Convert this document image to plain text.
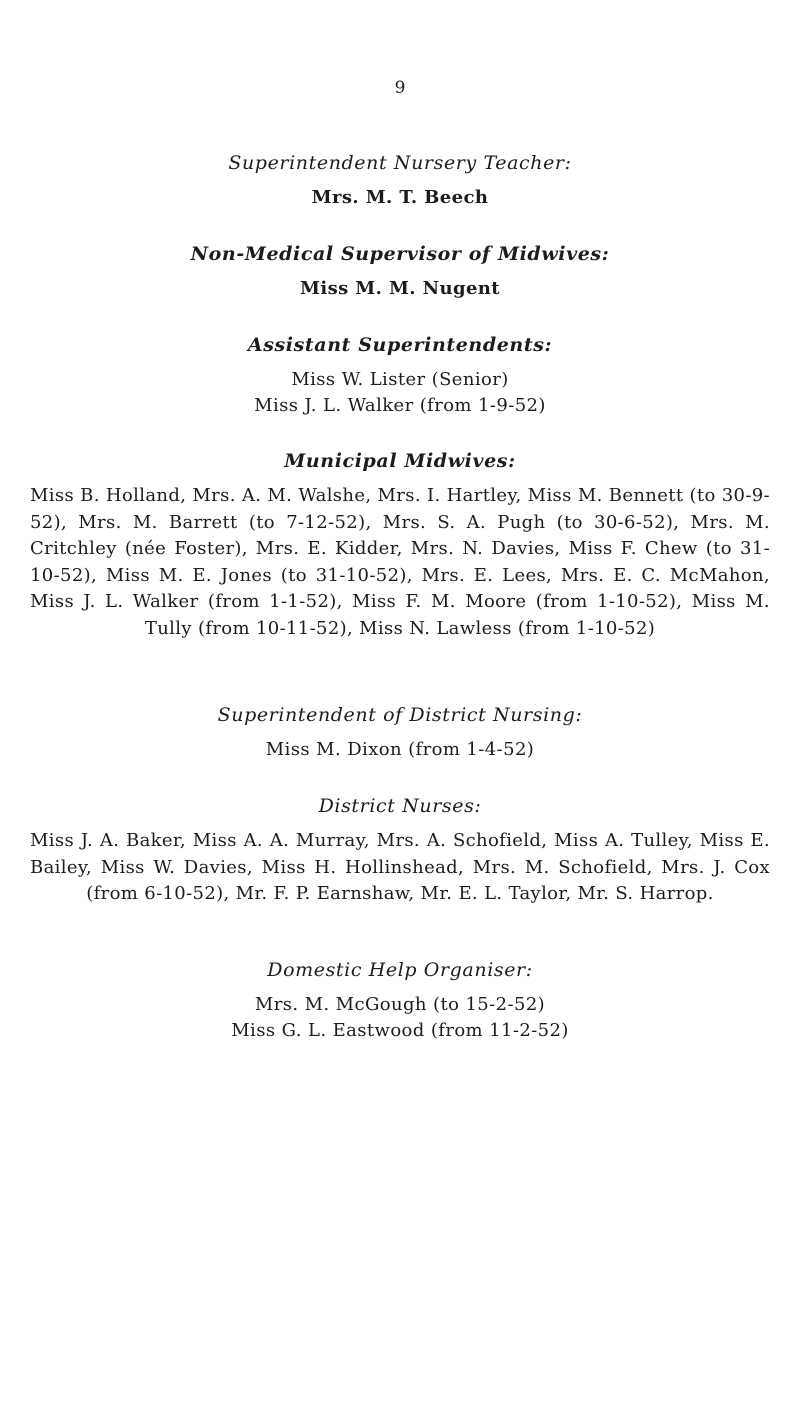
9
Superintendent Nursery Teacher:
Mrs. M. T. Beech
Non-Medical Supervisor of Midwives:
Miss M. M. Nugent
Assistant Superintendents:
Miss W. Lister (Senior)
Miss J. L. Walker (from 1-9-52)
Municipal Midwives:
Miss B. Holland, Mrs. A. M. Walshe, Mrs. I. Hartley, Miss M. Bennett (to 30-9-52), Mrs. M. Barrett (to 7-12-52), Mrs. S. A. Pugh (to 30-6-52), Mrs. M. Critchley (née Foster), Mrs. E. Kidder, Mrs. N. Davies, Miss F. Chew (to 31-10-52), Miss M. E. Jones (to 31-10-52), Mrs. E. Lees, Mrs. E. C. McMahon, Miss J. L. Walker (from 1-1-52), Miss F. M. Moore (from 1-10-52), Miss M. Tully (from 10-11-52), Miss N. Lawless (from 1-10-52)
Superintendent of District Nursing:
Miss M. Dixon (from 1-4-52)
District Nurses:
Miss J. A. Baker, Miss A. A. Murray, Mrs. A. Schofield, Miss A. Tulley, Miss E. Bailey, Miss W. Davies, Miss H. Hollinshead, Mrs. M. Schofield, Mrs. J. Cox (from 6-10-52), Mr. F. P. Earnshaw, Mr. E. L. Taylor, Mr. S. Harrop.
Domestic Help Organiser:
Mrs. M. McGough (to 15-2-52)
Miss G. L. Eastwood (from 11-2-52)
